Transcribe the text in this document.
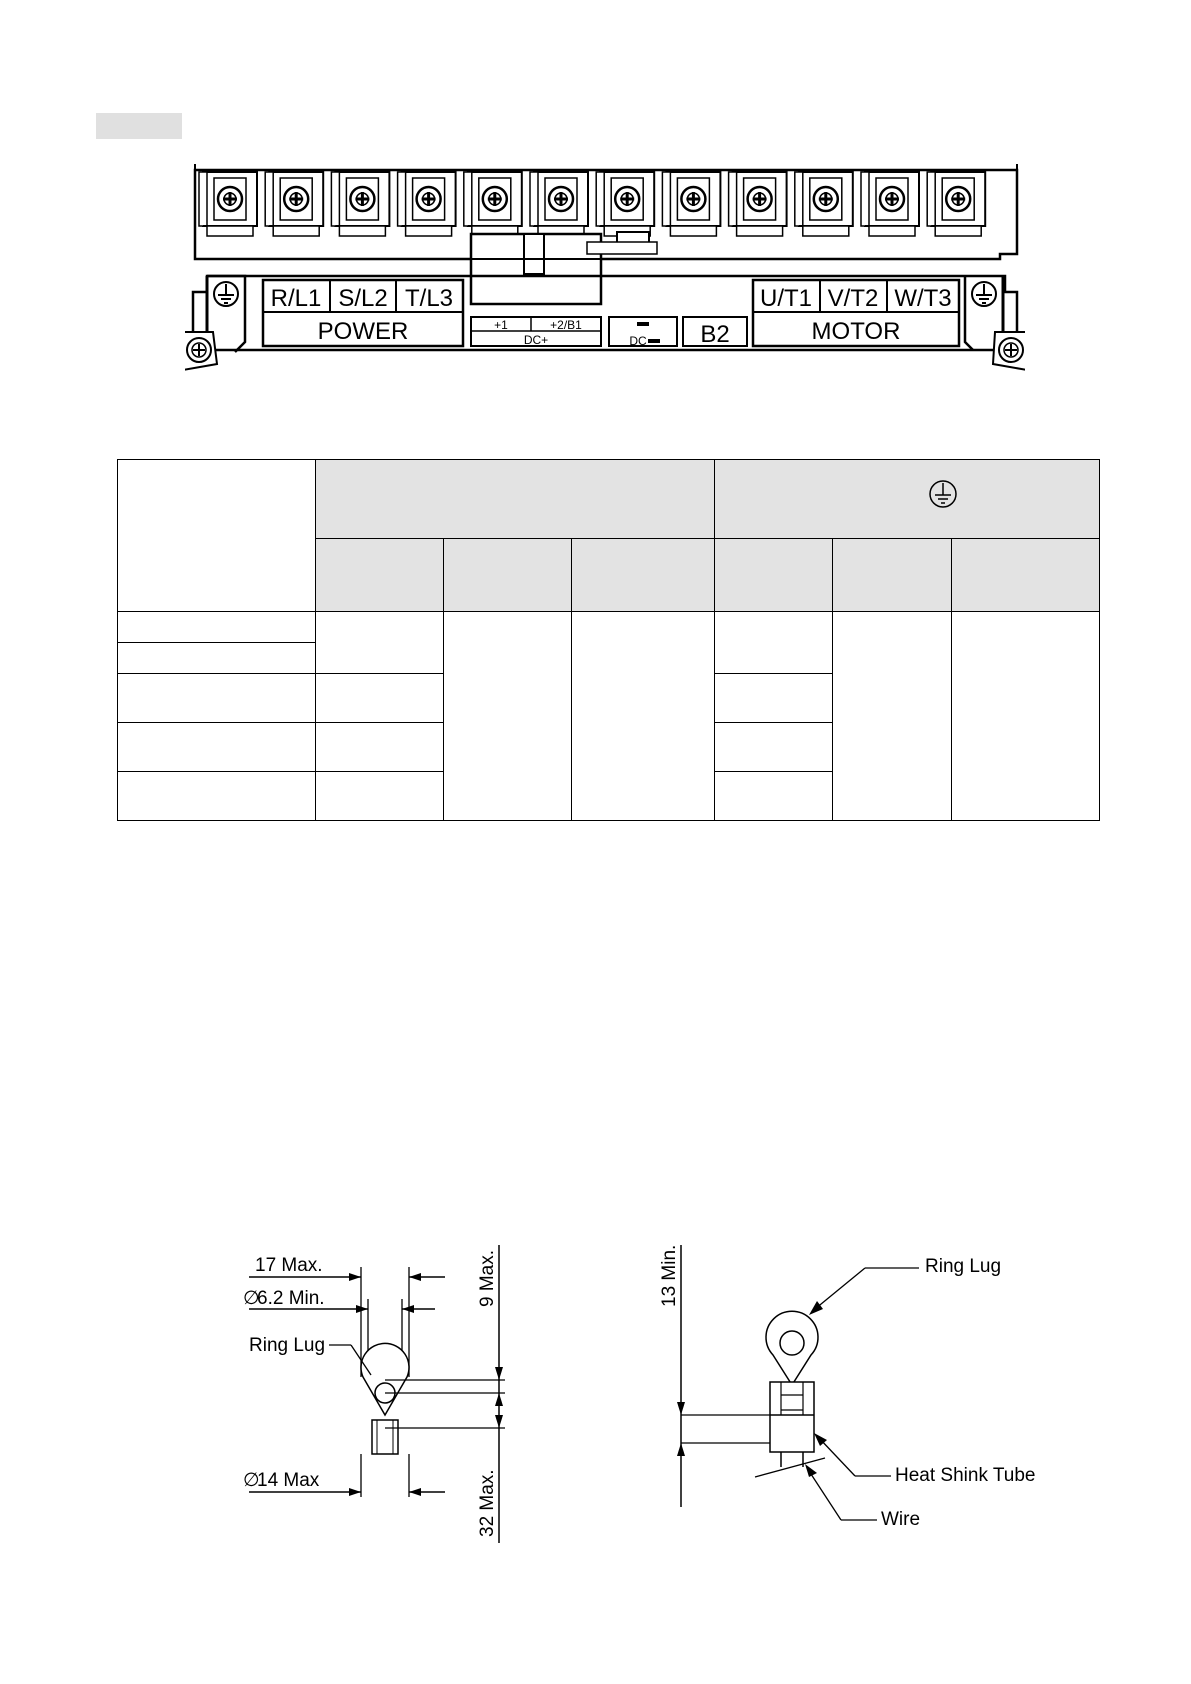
R/L1 S/L2 T/L3
POWER	+1	+2/B1
DC+	DC B2
U/T1 V/T2 W/T3
MOTOR

17 Max.
∅
6.2 Min.
Ring Lug
∅
14 Max
9 Max.
32 Max.
13 Min.	Ring Lug
Heat Shink Tube
Wire
